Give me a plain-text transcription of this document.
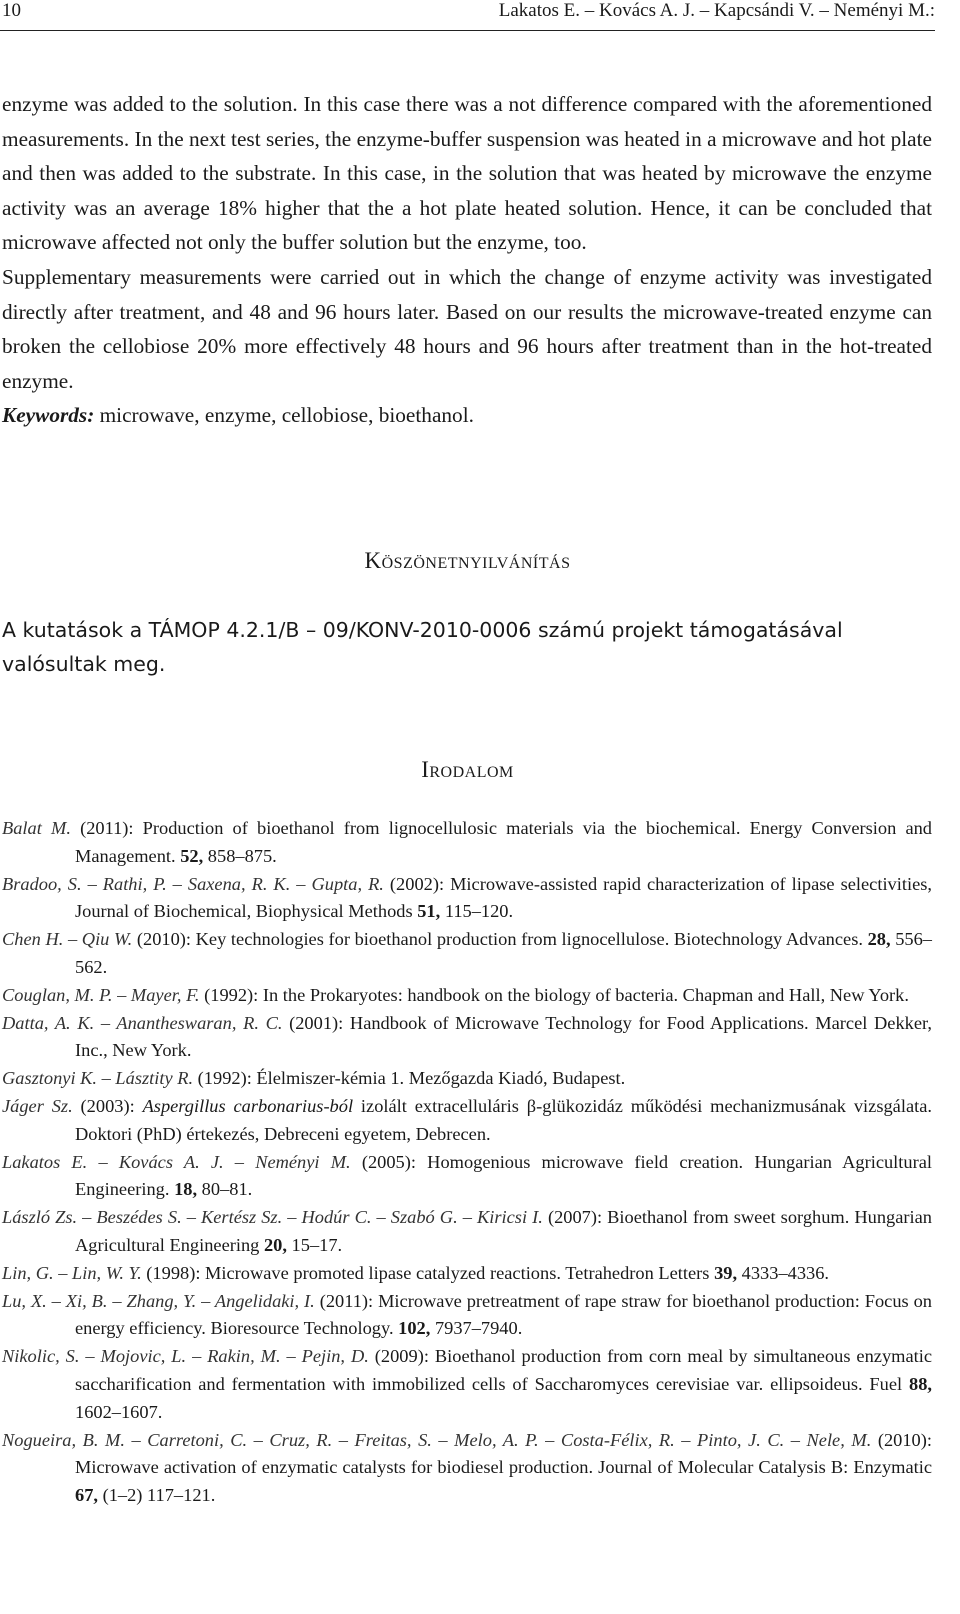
10	Lakatos E. – Kovács A. J. – Kapcsándi V. – Neményi M.:

enzyme was added to the solution. In this case there was a not difference compared with the aforementioned measurements. In the next test series, the enzyme-buffer suspension was heated in a microwave and hot plate and then was added to the substrate. In this case, in the solution that was heated by microwave the enzyme activity was an average 18% higher that the a hot plate heated solution. Hence, it can be concluded that microwave affected not only the buffer solution but the enzyme, too.

Supplementary measurements were carried out in which the change of enzyme activity was investigated directly after treatment, and 48 and 96 hours later. Based on our results the microwave-treated enzyme can broken the cellobiose 20% more effectively 48 hours and 96 hours after treatment than in the hot-treated enzyme.

Keywords: microwave, enzyme, cellobiose, bioethanol.

Köszönetnyilvánítás

A kutatások a TÁMOP 4.2.1/B – 09/KONV-2010-0006 számú projekt támogatásával valósultak meg.

Irodalom
Balat M. (2011): Production of bioethanol from lignocellulosic materials via the biochemical. Energy Conversion and Management. 52, 858–875.
Bradoo, S. – Rathi, P. – Saxena, R. K. – Gupta, R. (2002): Microwave-assisted rapid characterization of lipase selectivities, Journal of Biochemical, Biophysical Methods 51, 115–120.
Chen H. – Qiu W. (2010): Key technologies for bioethanol production from lignocellulose. Biotechnology Advances. 28, 556–562.
Couglan, M. P. – Mayer, F. (1992): In the Prokaryotes: handbook on the biology of bacteria. Chapman and Hall, New York.
Datta, A. K. – Anantheswaran, R. C. (2001): Handbook of Microwave Technology for Food Applications. Marcel Dekker, Inc., New York.
Gasztonyi K. – Lásztity R. (1992): Élelmiszer-kémia 1. Mezőgazda Kiadó, Budapest.
Jáger Sz. (2003): Aspergillus carbonarius-ból izolált extracelluláris β-glükozidáz működési mechanizmusának vizsgálata. Doktori (PhD) értekezés, Debreceni egyetem, Debrecen.
Lakatos E. – Kovács A. J. – Neményi M. (2005): Homogenious microwave field creation. Hungarian Agricultural Engineering. 18, 80–81.
László Zs. – Beszédes S. – Kertész Sz. – Hodúr C. – Szabó G. – Kiricsi I. (2007): Bioethanol from sweet sorghum. Hungarian Agricultural Engineering 20, 15–17.
Lin, G. – Lin, W. Y. (1998): Microwave promoted lipase catalyzed reactions. Tetrahedron Letters 39, 4333–4336.
Lu, X. – Xi, B. – Zhang, Y. – Angelidaki, I. (2011): Microwave pretreatment of rape straw for bioethanol production: Focus on energy efficiency. Bioresource Technology. 102, 7937–7940.
Nikolic, S. – Mojovic, L. – Rakin, M. – Pejin, D. (2009): Bioethanol production from corn meal by simultaneous enzymatic saccharification and fermentation with immobilized cells of Saccharomyces cerevisiae var. ellipsoideus. Fuel 88, 1602–1607.
Nogueira, B. M. – Carretoni, C. – Cruz, R. – Freitas, S. – Melo, A. P. – Costa-Félix, R. – Pinto, J. C. – Nele, M. (2010): Microwave activation of enzymatic catalysts for biodiesel production. Journal of Molecular Catalysis B: Enzymatic 67, (1–2) 117–121.
